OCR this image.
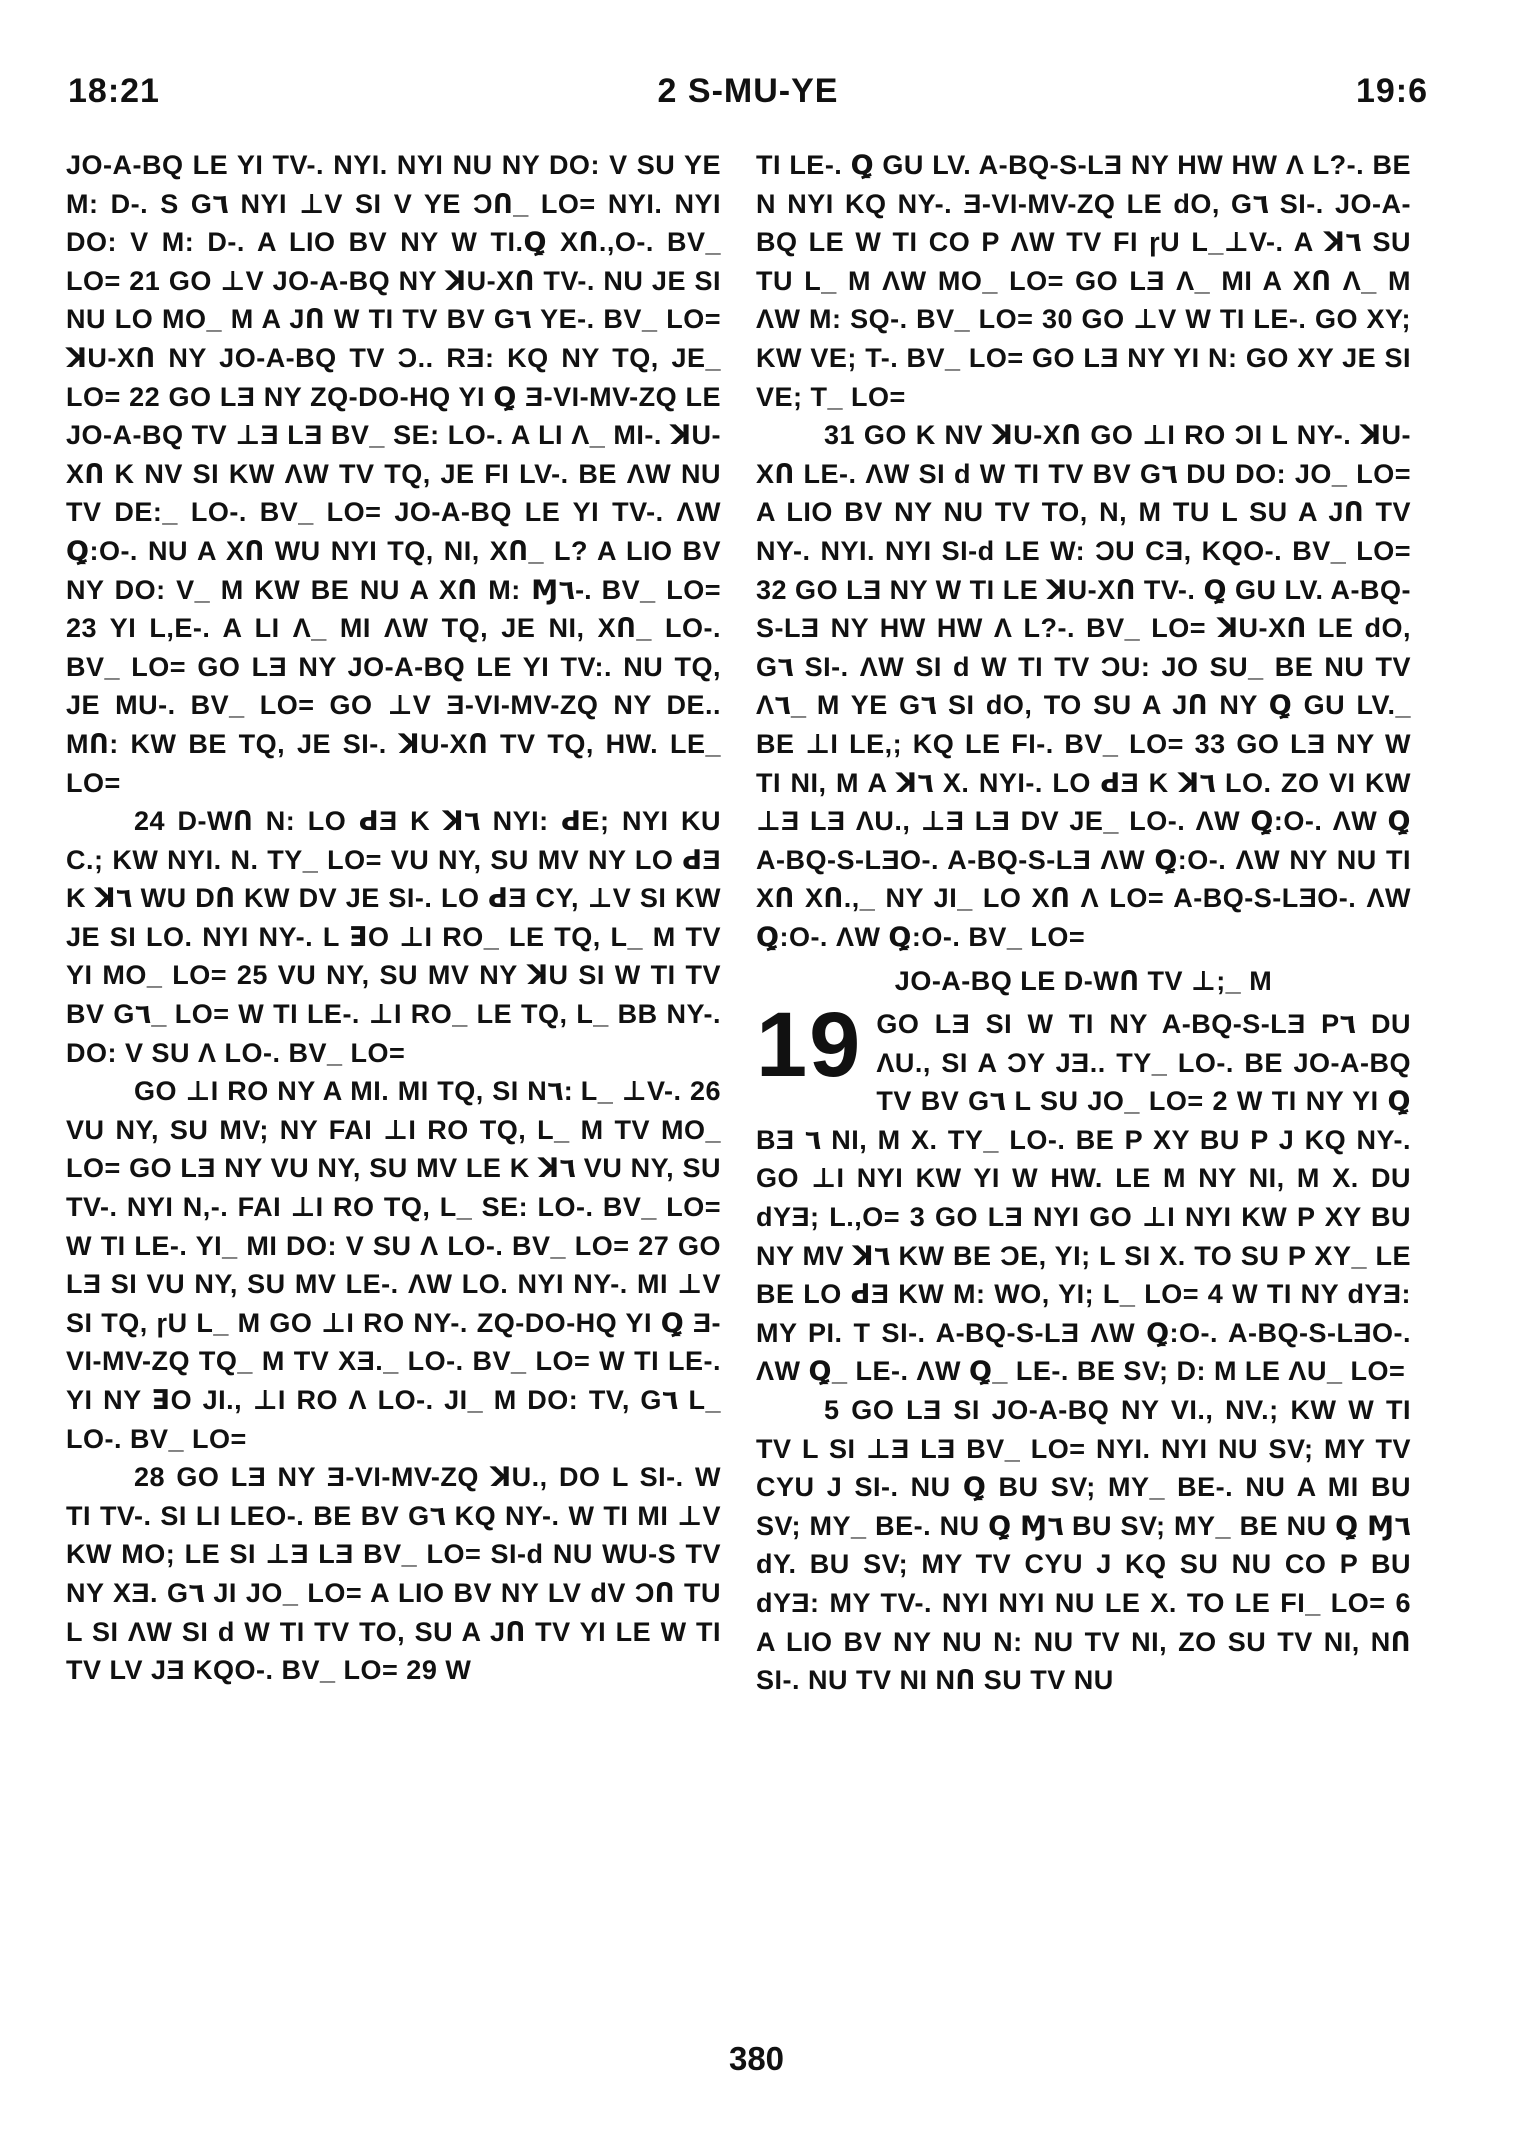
18:21	2 S-MU-YE	19:6

JO-A-BQ LE YI TV-. NYI. NYI NU NY DO: V SU YE M: D-. S G٦ NYI ⊥V SI V YE ϽՈ_ LO= NYI. NYI DO: V M: D-. A LIO BV NY W TI.Ꝗ XՈ.,O-. BV_ LO= 21 GO ⊥V JO-A-BQ NY ꓘU-XՈ TV-. NU JE SI NU LO MO_ M A JՈ W TI TV BV G٦ YE-. BV_ LO= ꓘU-XՈ NY JO-A-BQ TV Ͻ.. RƎ: KQ NY TQ, JE_ LO= 22 GO LƎ NY ZQ-DO-HQ YI Ꝗ Ǝ-VI-MV-ZQ LE JO-A-BQ TV ⊥Ǝ LƎ BV_ SE: LO-. A LI Λ_ MI-. ꓘU-XՈ K NV SI KW ΛW TV TQ, JE FI LV-. BE ΛW NU TV DE:_ LO-. BV_ LO= JO-A-BQ LE YI TV-. ΛW Ꝗ:O-. NU A XՈ WU NYI TQ, NI, XՈ_ L? A LIO BV NY DO: V_ M KW BE NU A XՈ M: Ɱ٦-. BV_ LO= 23 YI L,E-. A LI Λ_ MI ΛW TQ, JE NI, XՈ_ LO-. BV_ LO= GO LƎ NY JO-A-BQ LE YI TV:. NU TQ, JE MU-. BV_ LO= GO ⊥V Ǝ-VI-MV-ZQ NY DE.. MՈ: KW BE TQ, JE SI-. ꓘU-XՈ TV TQ, HW. LE_ LO=

24 D-WՈ N: LO ꓒƎ K ꓘ٦ NYI: ꓒE; NYI KU C.; KW NYI. N. TY_ LO= VU NY, SU MV NY LO ꓒƎ K ꓘ٦ WU DՈ KW DV JE SI-. LO ꓒƎ CY, ⊥V SI KW JE SI LO. NYI NY-. L ꓱO ⊥I RO_ LE TQ, L_ M TV YI MO_ LO= 25 VU NY, SU MV NY ꓘU SI W TI TV BV G٦_ LO= W TI LE-. ⊥I RO_ LE TQ, L_ BB NY-. DO: V SU Λ LO-. BV_ LO=

GO ⊥I RO NY A MI. MI TQ, SI N٦: L_ ⊥V-. 26 VU NY, SU MV; NY FAI ⊥I RO TQ, L_ M TV MO_ LO= GO LƎ NY VU NY, SU MV LE K ꓘ٦ VU NY, SU TV-. NYI N,-. FAI ⊥I RO TQ, L_ SE: LO-. BV_ LO= W TI LE-. YI_ MI DO: V SU Λ LO-. BV_ LO= 27 GO LƎ SI VU NY, SU MV LE-. ΛW LO. NYI NY-. MI ⊥V SI TQ, ɼU L_ M GO ⊥I RO NY-. ZQ-DO-HQ YI Ꝗ Ǝ-VI-MV-ZQ TQ_ M TV XƎ._ LO-. BV_ LO= W TI LE-. YI NY ꓱO JI., ⊥I RO Λ LO-. JI_ M DO: TV, G٦ L_ LO-. BV_ LO=

28 GO LƎ NY Ǝ-VI-MV-ZQ ꓘU., DO L SI-. W TI TV-. SI LI LEO-. BE BV G٦ KQ NY-. W TI MI ⊥V KW MO; LE SI ⊥Ǝ LƎ BV_ LO= SI-ԁ NU WU-S TV NY XƎ. G٦ JI JO_ LO= A LIO BV NY LV ԁV ϽՈ TU L SI ΛW SI ԁ W TI TV TO, SU A JՈ TV YI LE W TI TV LV JƎ KQO-. BV_ LO= 29 W

TI LE-. Ꝗ GU LV. A-BQ-S-LƎ NY HW HW Λ L?-. BE N NYI KQ NY-. Ǝ-VI-MV-ZQ LE ԁO, G٦ SI-. JO-A-BQ LE W TI CO P ΛW TV FI ɼU L_⊥V-. A ꓘ٦ SU TU L_ M ΛW MO_ LO= GO LƎ Λ_ MI A XՈ Λ_ M ΛW M: SQ-. BV_ LO= 30 GO ⊥V W TI LE-. GO XY; KW VE; T-. BV_ LO= GO LƎ NY YI N: GO XY JE SI VE; T_ LO=

31 GO K NV ꓘU-XՈ GO ⊥I RO ϽI L NY-. ꓘU-XՈ LE-. ΛW SI ԁ W TI TV BV G٦ DU DO: JO_ LO= A LIO BV NY NU TV TO, N, M TU L SU A JՈ TV NY-. NYI. NYI SI-ԁ LE W: ϽU CƎ, KQO-. BV_ LO= 32 GO LƎ NY W TI LE ꓘU-XՈ TV-. Ꝗ GU LV. A-BQ-S-LƎ NY HW HW Λ L?-. BV_ LO= ꓘU-XՈ LE ԁO, G٦ SI-. ΛW SI ԁ W TI TV ϽU: JO SU_ BE NU TV Λ٦_ M YE G٦ SI ԁO, TO SU A JՈ NY Ꝗ GU LV._ BE ⊥I LE,; KQ LE FI-. BV_ LO= 33 GO LƎ NY W TI NI, M A ꓘ٦ X. NYI-. LO ꓒƎ K ꓘ٦ LO. ZO VI KW ⊥Ǝ LƎ ΛU., ⊥Ǝ LƎ DV JE_ LO-. ΛW Ꝗ:O-. ΛW Ꝗ A-BQ-S-LƎO-. A-BQ-S-LƎ ΛW Ꝗ:O-. ΛW NY NU TI XՈ XՈ.,_ NY JI_ LO XՈ Λ LO= A-BQ-S-LƎO-. ΛW Ꝗ:O-. ΛW Ꝗ:O-. BV_ LO=

JO-A-BQ LE D-WՈ TV ⊥;_ M

19 GO LƎ SI W TI NY A-BQ-S-LƎ P٦ DU ΛU., SI A ϽY JƎ.. TY_ LO-. BE JO-A-BQ TV BV G٦ L SU JO_ LO= 2 W TI NY YI Ꝗ BƎ ٦ NI, M X. TY_ LO-. BE P XY BU P J KQ NY-. GO ⊥I NYI KW YI W HW. LE M NY NI, M X. DU ԁYƎ; L.,O= 3 GO LƎ NYI GO ⊥I NYI KW P XY BU NY MV ꓘ٦ KW BE ϽE, YI; L SI X. TO SU P XY_ LE BE LO ꓒƎ KW M: WO, YI; L_ LO= 4 W TI NY ԁYƎ: MY PI. T SI-. A-BQ-S-LƎ ΛW Ꝗ:O-. A-BQ-S-LƎO-. ΛW Ꝗ_ LE-. ΛW Ꝗ_ LE-. BE SV; D: M LE ΛU_ LO=

5 GO LƎ SI JO-A-BQ NY VI., NV.; KW W TI TV L SI ⊥Ǝ LƎ BV_ LO= NYI. NYI NU SV; MY TV CYU J SI-. NU Ꝗ BU SV; MY_ BE-. NU A MI BU SV; MY_ BE-. NU Ꝗ Ɱ٦ BU SV; MY_ BE NU Ꝗ Ɱ٦ ԁY. BU SV; MY TV CYU J KQ SU NU CO P BU ԁYƎ: MY TV-. NYI NYI NU LE X. TO LE FI_ LO= 6 A LIO BV NY NU N: NU TV NI, ZO SU TV NI, NՈ SI-. NU TV NI NՈ SU TV NU

380
